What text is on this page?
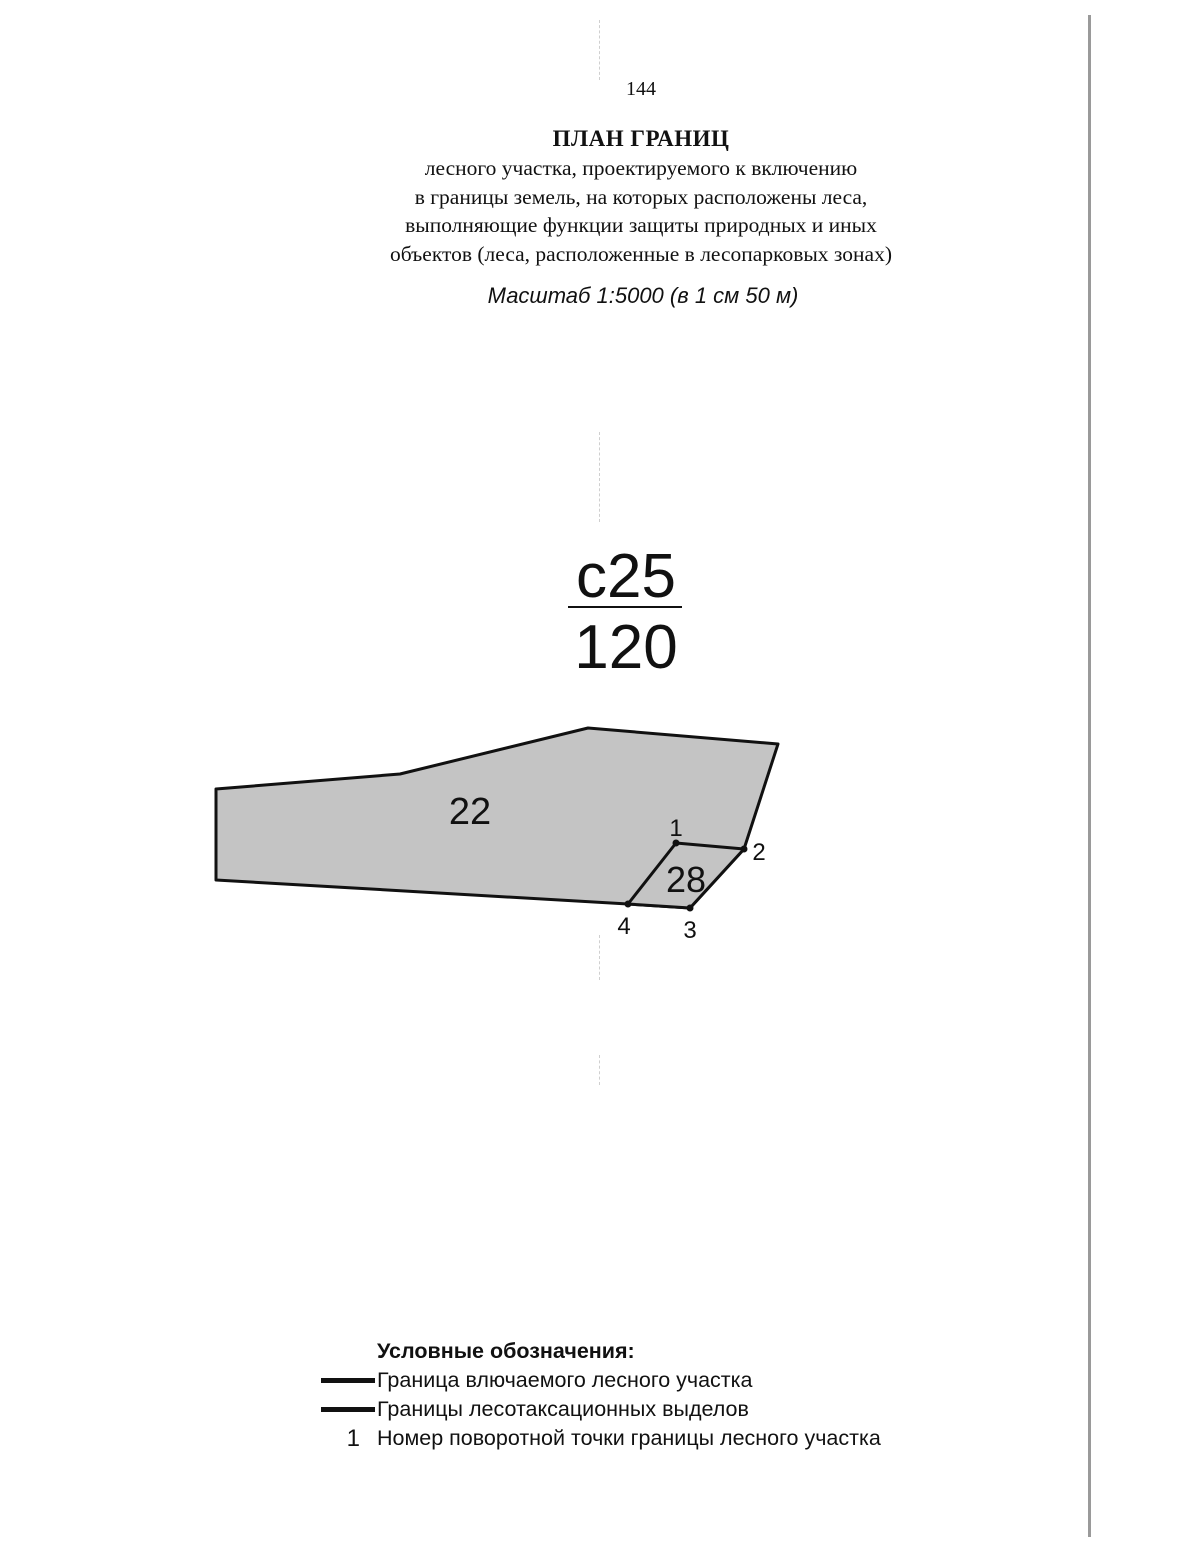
144
ПЛАН ГРАНИЦ
лесного участка, проектируемого к включению
в границы земель, на которых расположены леса,
выполняющие функции защиты природных и иных
объектов (леса, расположенные в лесопарковых зонах)
Масштаб 1:5000 (в 1 см 50 м)
с25
120
22
28
1
2
3
4
Условные обозначения:
Граница влючаемого лесного участка
Границы лесотаксационных выделов
1 Номер поворотной точки границы лесного участка
